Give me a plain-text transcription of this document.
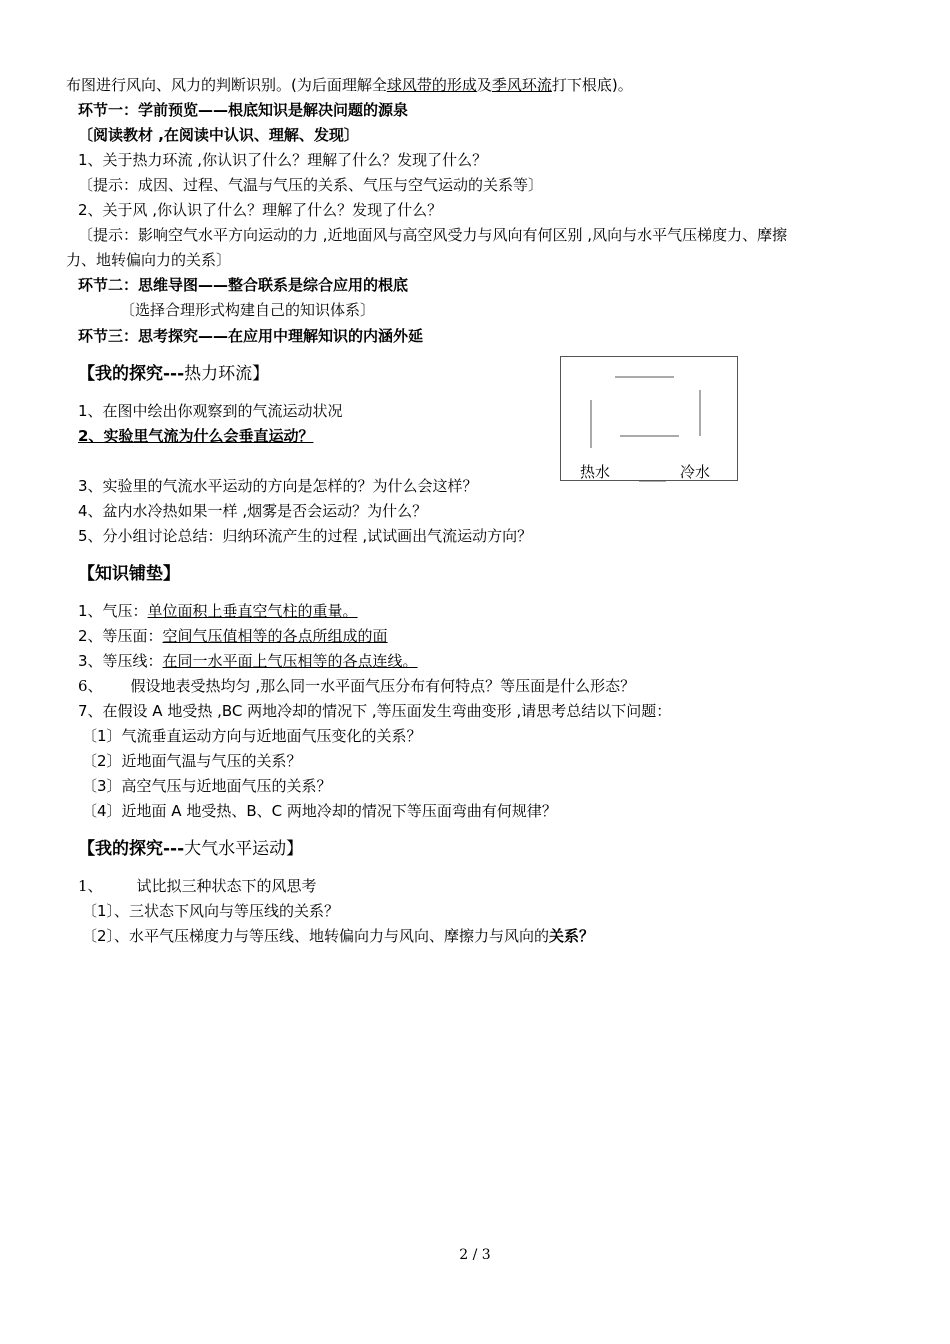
布图进行风向、风力的判断识别。(为后面理解全球风带的形成及季风环流打下根底)。
环节一：学前预览——根底知识是解决问题的源泉
〔阅读教材 ,在阅读中认识、理解、发现〕
1、关于热力环流 ,你认识了什么？理解了什么？发现了什么？
〔提示：成因、过程、气温与气压的关系、气压与空气运动的关系等〕
2、关于风 ,你认识了什么？理解了什么？发现了什么？
〔提示：影响空气水平方向运动的力 ,近地面风与高空风受力与风向有何区别 ,风向与水平气压梯度力、摩擦
力、地转偏向力的关系〕
环节二：思维导图——整合联系是综合应用的根底
〔选择合理形式构建自己的知识体系〕
环节三：思考探究——在应用中理解知识的内涵外延
【我的探究---热力环流】
1、在图中绘出你观察到的气流运动状况
2、实验里气流为什么会垂直运动？
3、实验里的气流水平运动的方向是怎样的？为什么会这样？
4、盆内水冷热如果一样 ,烟雾是否会运动？为什么？
5、分小组讨论总结：归纳环流产生的过程 ,试试画出气流运动方向？
热水	冷水
【知识铺垫】
1、气压：单位面积上垂直空气柱的重量。
2、等压面：空间气压值相等的各点所组成的面
3、等压线：在同一水平面上气压相等的各点连线。
6、 假设地表受热均匀 ,那么同一水平面气压分布有何特点？等压面是什么形态？
7、在假设 A 地受热 ,BC 两地冷却的情况下 ,等压面发生弯曲变形 ,请思考总结以下问题：
〔1〕气流垂直运动方向与近地面气压变化的关系？
〔2〕近地面气温与气压的关系？
〔3〕高空气压与近地面气压的关系？
〔4〕近地面 A 地受热、B、C 两地冷却的情况下等压面弯曲有何规律？
【我的探究---大气水平运动】
1、 试比拟三种状态下的风思考
〔1〕、三状态下风向与等压线的关系？
〔2〕、水平气压梯度力与等压线、地转偏向力与风向、摩擦力与风向的关系？
2 / 3
